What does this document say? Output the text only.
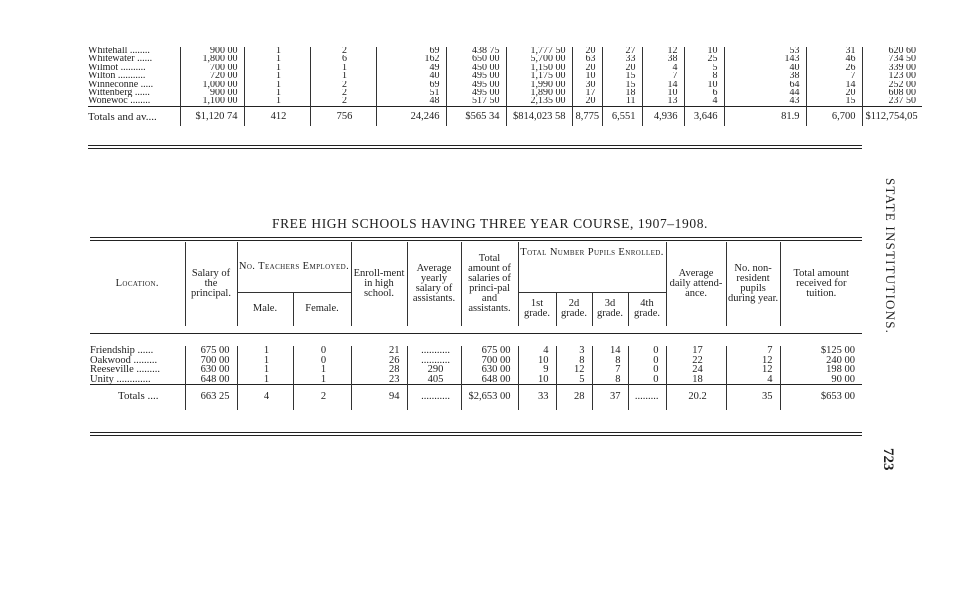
Whitehall ........	900 00	1	2	69	438 75	1,777 50	20	27	12	10	53	31	620 60
Whitewater ......	1,800 00	1	6	162	650 00	5,700 00	63	33	38	25	143	46	734 50
Wilmot ..........	700 00	1	1	49	450 00	1,150 00	20	20	4	5	40	26	339 00
Wilton ...........	720 00	1	1	40	495 00	1,175 00	10	15	7	8	38	7	123 00
Winneconne .....	1,000 00	1	2	69	495 00	1,990 00	30	15	14	10	64	14	252 00
Wittenberg ......	900 00	1	2	51	495 00	1,890 00	17	18	10	6	44	20	608 00
Wonewoc ........	1,100 00	1	2	48	517 50	2,135 00	20	11	13	4	43	15	237 50
Totals and av....	$1,120 74	412	756	24,246	$565 34	$814,023 58	8,775	6,551	4,936	3,646	81.9	6,700	$112,754,05
FREE HIGH SCHOOLS HAVING THREE YEAR COURSE, 1907–1908.
Location.	Salary of the principal.	No. Teachers Employed.		Enroll-ment in high school.	Average yearly salary of assistants.	Total amount of salaries of princi-pal and assistants.	Total Number Pupils Enrolled.				Average daily attend-ance.	No. non-resident pupils during year.	Total amount received for tuition.
		Male.	Female.				1st grade.	2d grade.	3d grade.	4th grade.			
Friendship ......	675 00	1	0	21	...........	675 00	4	3	14	0	17	7	$125 00
Oakwood .........	700 00	1	0	26	...........	700 00	10	8	8	0	22	12	240 00
Reeseville .........	630 00	1	1	28	290	630 00	9	12	7	0	24	12	198 00
Unity .............	648 00	1	1	23	405	648 00	10	5	8	0	18	4	90 00
Totals ....	663 25	4	2	94	...........	$2,653 00	33	28	37	.........	20.2	35	$653 00
STATE INSTITUTIONS.
723
